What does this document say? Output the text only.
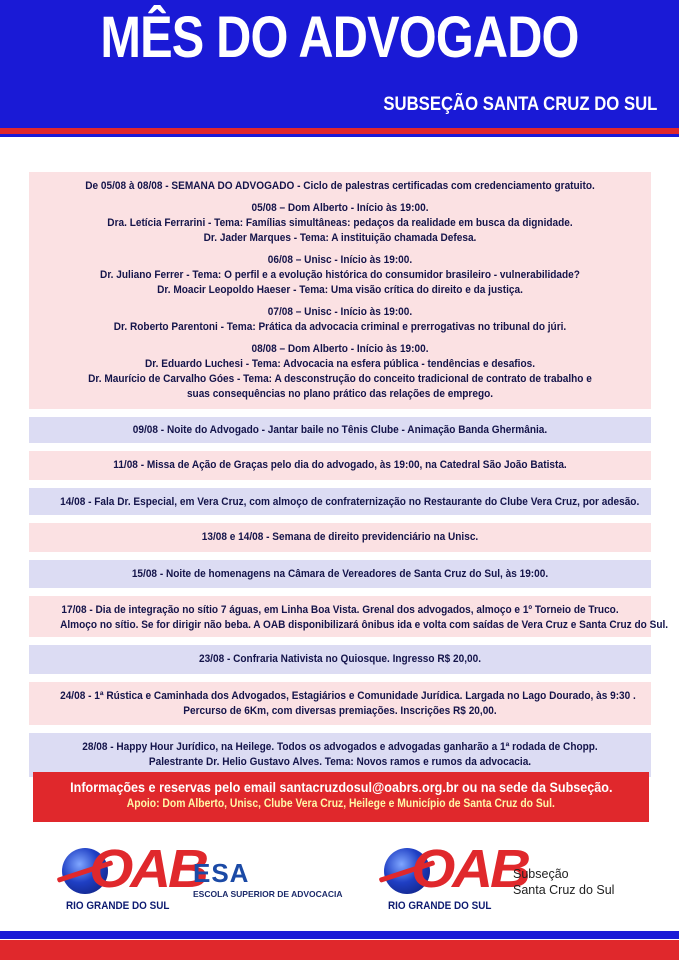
MÊS DO ADVOGADO
SUBSEÇÃO SANTA CRUZ DO SUL
De 05/08 à 08/08 - SEMANA DO ADVOGADO - Ciclo de palestras certificadas com credenciamento gratuito.
05/08 – Dom Alberto - Início às 19:00.
Dra. Letícia Ferrarini - Tema: Famílias simultâneas: pedaços da realidade em busca da dignidade.
Dr. Jader Marques - Tema: A instituição chamada Defesa.
06/08 – Unisc - Início às 19:00.
Dr. Juliano Ferrer - Tema: O perfil e a evolução histórica do consumidor brasileiro - vulnerabilidade?
Dr. Moacir Leopoldo Haeser - Tema: Uma visão crítica do direito e da justiça.
07/08 – Unisc - Início às 19:00.
Dr. Roberto Parentoni - Tema: Prática da advocacia criminal e prerrogativas no tribunal do júri.
08/08 – Dom Alberto - Início às 19:00.
Dr. Eduardo Luchesi - Tema: Advocacia na esfera pública - tendências e desafios.
Dr. Maurício de Carvalho Góes - Tema: A desconstrução do conceito tradicional de contrato de trabalho e
suas consequências no plano prático das relações de emprego.
09/08 - Noite do Advogado - Jantar baile no Tênis Clube - Animação Banda Ghermânia.
11/08 - Missa de Ação de Graças pelo dia do advogado, às 19:00, na Catedral São João Batista.
14/08 - Fala Dr. Especial, em Vera Cruz, com almoço de confraternização no Restaurante do Clube Vera Cruz, por adesão.
13/08 e 14/08 - Semana de direito previdenciário na Unisc.
15/08 - Noite de homenagens na Câmara de Vereadores de Santa Cruz do Sul, às 19:00.
17/08 - Dia de integração no sítio 7 águas, em Linha Boa Vista. Grenal dos advogados, almoço e 1º Torneio de Truco.
Almoço no sítio. Se for dirigir não beba. A OAB disponibilizará ônibus ida e volta com saídas de Vera Cruz e Santa Cruz do Sul.
23/08 - Confraria Nativista no Quiosque. Ingresso R$ 20,00.
24/08 - 1ª Rústica e Caminhada dos Advogados, Estagiários e Comunidade Jurídica. Largada no Lago Dourado, às 9:30 .
Percurso de 6Km, com diversas premiações. Inscrições R$ 20,00.
28/08 - Happy Hour Jurídico, na Heilege. Todos os advogados e advogadas ganharão a 1ª rodada de Chopp.
Palestrante Dr. Helio Gustavo Alves. Tema: Novos ramos e rumos da advocacia.
Informações e reservas pelo email santacruzdosul@oabrs.org.br ou na sede da Subseção.
Apoio: Dom Alberto, Unisc, Clube Vera Cruz, Heilege e Município de Santa Cruz do Sul.
OAB
RIO GRANDE DO SUL
ESA
ESCOLA SUPERIOR DE ADVOCACIA OAB
RIO GRANDE DO SUL
Subseção
Santa Cruz do Sul
